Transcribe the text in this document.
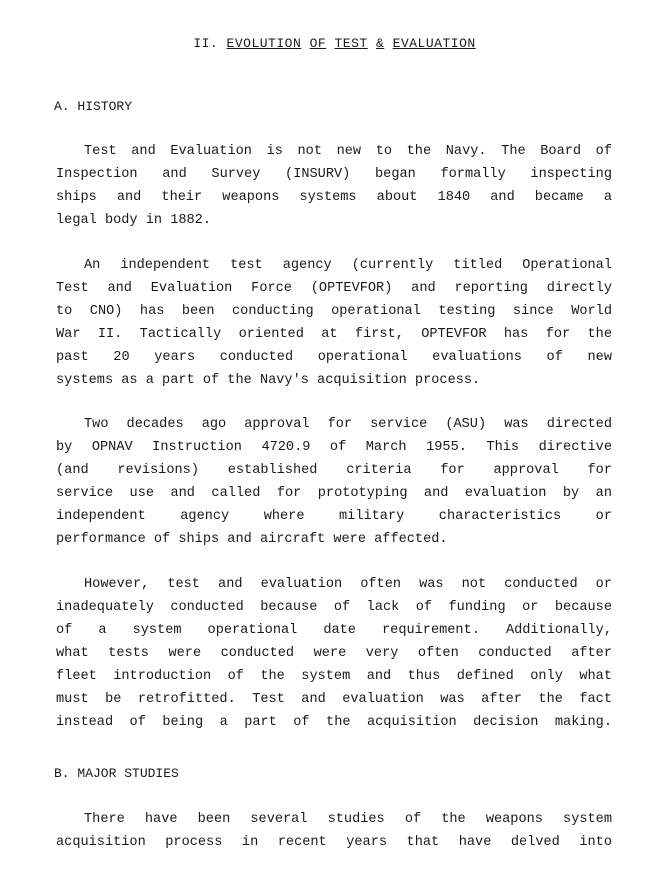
II. EVOLUTION OF TEST & EVALUATION
A. HISTORY
Test and Evaluation is not new to the Navy. The Board of
Inspection and Survey (INSURV) began formally inspecting
ships and their weapons systems about 1840 and became a
legal body in 1882.
An independent test agency (currently titled Operational
Test and Evaluation Force (OPTEVFOR) and reporting directly
to CNO) has been conducting operational testing since World
War II. Tactically oriented at first, OPTEVFOR has for the
past 20 years conducted operational evaluations of new
systems as a part of the Navy's acquisition process.
Two decades ago approval for service (ASU) was directed
by OPNAV Instruction 4720.9 of March 1955. This directive
(and revisions) established criteria for approval for
service use and called for prototyping and evaluation by an
independent agency where military characteristics or
performance of ships and aircraft were affected.
However, test and evaluation often was not conducted or
inadequately conducted because of lack of funding or because
of a system operational date requirement. Additionally,
what tests were conducted were very often conducted after
fleet introduction of the system and thus defined only what
must be retrofitted. Test and evaluation was after the fact
instead of being a part of the acquisition decision making.
B. MAJOR STUDIES
There have been several studies of the weapons system
acquisition process in recent years that have delved into
